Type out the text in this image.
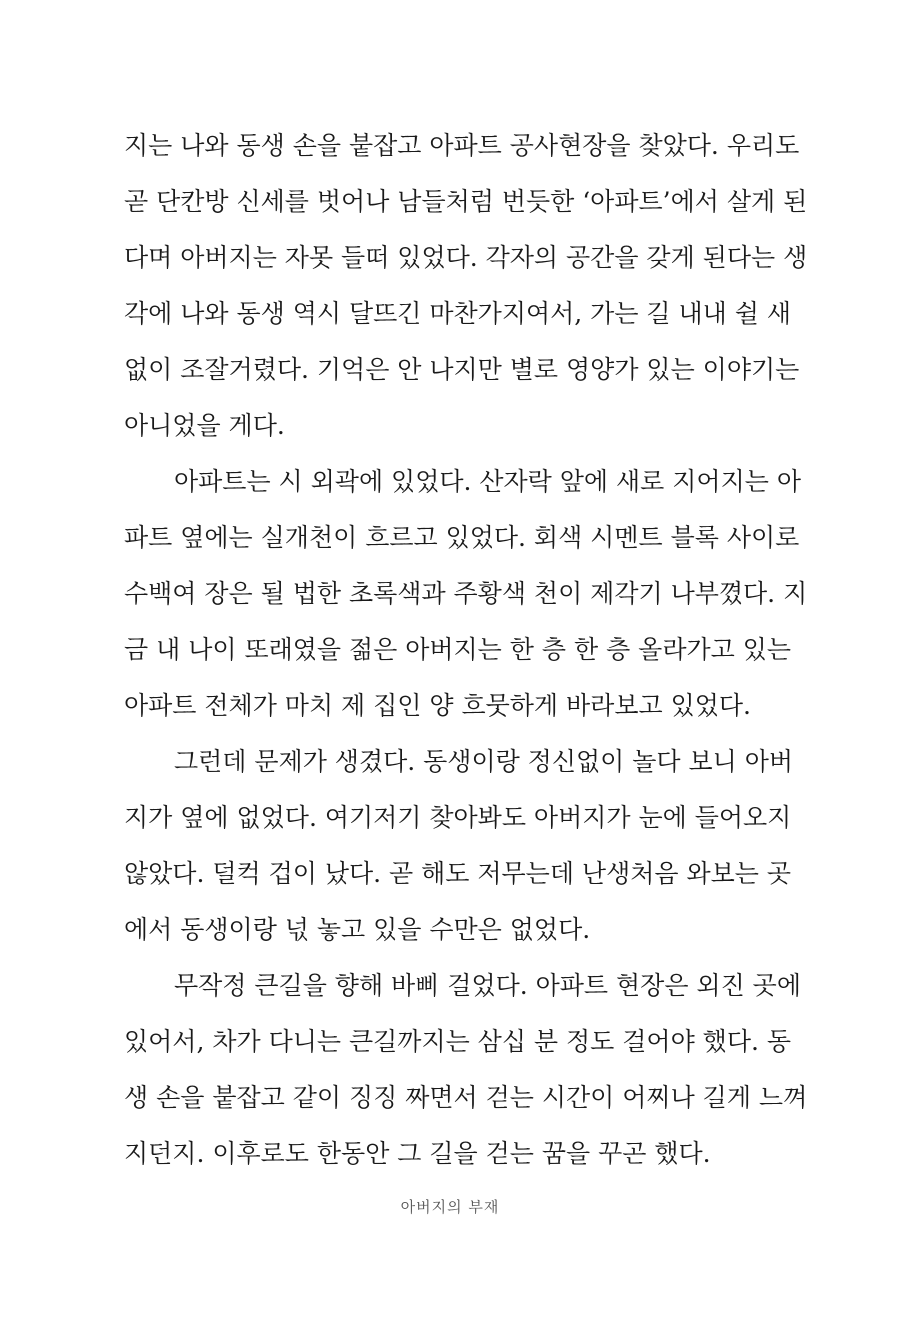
지는 나와 동생 손을 붙잡고 아파트 공사현장을 찾았다. 우리도
곧 단칸방 신세를 벗어나 남들처럼 번듯한 ‘아파트’에서 살게 된
다며 아버지는 자못 들떠 있었다. 각자의 공간을 갖게 된다는 생
각에 나와 동생 역시 달뜨긴 마찬가지여서, 가는 길 내내 쉴 새
없이 조잘거렸다. 기억은 안 나지만 별로 영양가 있는 이야기는
아니었을 게다.
아파트는 시 외곽에 있었다. 산자락 앞에 새로 지어지는 아
파트 옆에는 실개천이 흐르고 있었다. 회색 시멘트 블록 사이로
수백여 장은 될 법한 초록색과 주황색 천이 제각기 나부꼈다. 지
금 내 나이 또래였을 젊은 아버지는 한 층 한 층 올라가고 있는
아파트 전체가 마치 제 집인 양 흐뭇하게 바라보고 있었다.
그런데 문제가 생겼다. 동생이랑 정신없이 놀다 보니 아버
지가 옆에 없었다. 여기저기 찾아봐도 아버지가 눈에 들어오지
않았다. 덜컥 겁이 났다. 곧 해도 저무는데 난생처음 와보는 곳
에서 동생이랑 넋 놓고 있을 수만은 없었다.
무작정 큰길을 향해 바삐 걸었다. 아파트 현장은 외진 곳에
있어서, 차가 다니는 큰길까지는 삼십 분 정도 걸어야 했다. 동
생 손을 붙잡고 같이 징징 짜면서 걷는 시간이 어찌나 길게 느껴
지던지. 이후로도 한동안 그 길을 걷는 꿈을 꾸곤 했다.
아버지의 부재
